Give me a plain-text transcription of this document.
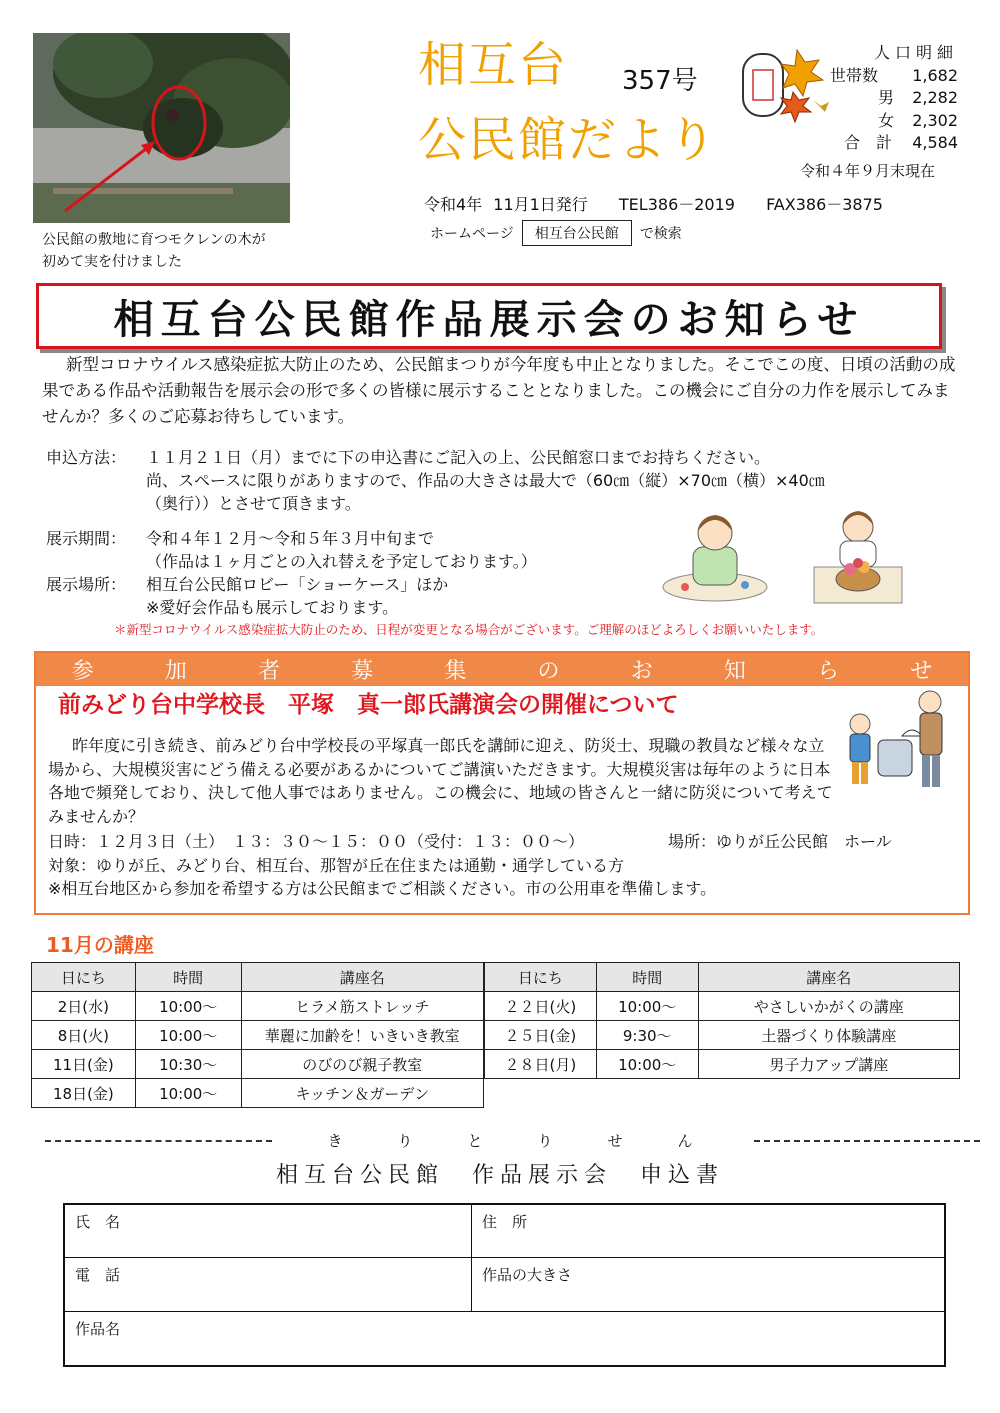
公民館の敷地に育つモクレンの木が
初めて実を付けました
相互台
公民館だより
357号
人口明細
世帯数 1,682
男 2,282
女 2,302
合　計 4,584
令和４年９月末現在
令和4年 11月1日発行 TEL386－2019 FAX386－3875
ホームページ	相互台公民館	で検索
相互台公民館作品展示会のお知らせ
新型コロナウイルス感染症拡大防止のため、公民館まつりが今年度も中止となりました。そこでこの度、日頃の活動の成果である作品や活動報告を展示会の形で多くの皆様に展示することとなりました。この機会にご自分の力作を展示してみませんか？多くのご応募お待ちしています。
申込方法：	１１月２１日（月）までに下の申込書にご記入の上、公民館窓口までお持ちください。
尚、スペースに限りがありますので、作品の大きさは最大で（60㎝（縦）×70㎝（横）×40㎝
（奥行））とさせて頂きます。
展示期間：	令和４年１２月～令和５年３月中旬まで
（作品は１ヶ月ごとの入れ替えを予定しております。）
展示場所：	相互台公民館ロビー「ショーケース」ほか
※愛好会作品も展示しております。
＊新型コロナウイルス感染症拡大防止のため、日程が変更となる場合がございます。ご理解のほどよろしくお願いいたします。
参	加	者	募	集	の	お	知	ら	せ
前みどり台中学校長　平塚　真一郎氏講演会の開催について
昨年度に引き続き、前みどり台中学校長の平塚真一郎氏を講師に迎え、防災士、現職の教員など様々な立場から、大規模災害にどう備える必要があるかについてご講演いただきます。大規模災害は毎年のように日本各地で頻発しており、決して他人事ではありません。この機会に、地域の皆さんと一緒に防災について考えてみませんか？
日時：１２月３日（土）　１３：３０～１５：００（受付：１３：００～）	場所：ゆりが丘公民館　ホール
対象：ゆりが丘、みどり台、相互台、那智が丘在住または通勤・通学している方
※相互台地区から参加を希望する方は公民館までご相談ください。市の公用車を準備します。
11月の講座
日にち	時間	講座名
2日(水)	10:00～	ヒラメ筋ストレッチ
8日(火)	10:00～	華麗に加齢を！いきいき教室
11日(金)	10:30～	のびのび親子教室
18日(金)	10:00～	キッチン＆ガーデン
日にち	時間	講座名
２２日(火)	10:00～	やさしいかがくの講座
２５日(金)	9:30～	土器づくり体験講座
２８日(月)	10:00～	男子力アップ講座
きりとりせん
相互台公民館　作品展示会　申込書
氏　名	住　所
電　話	作品の大きさ
作品名
